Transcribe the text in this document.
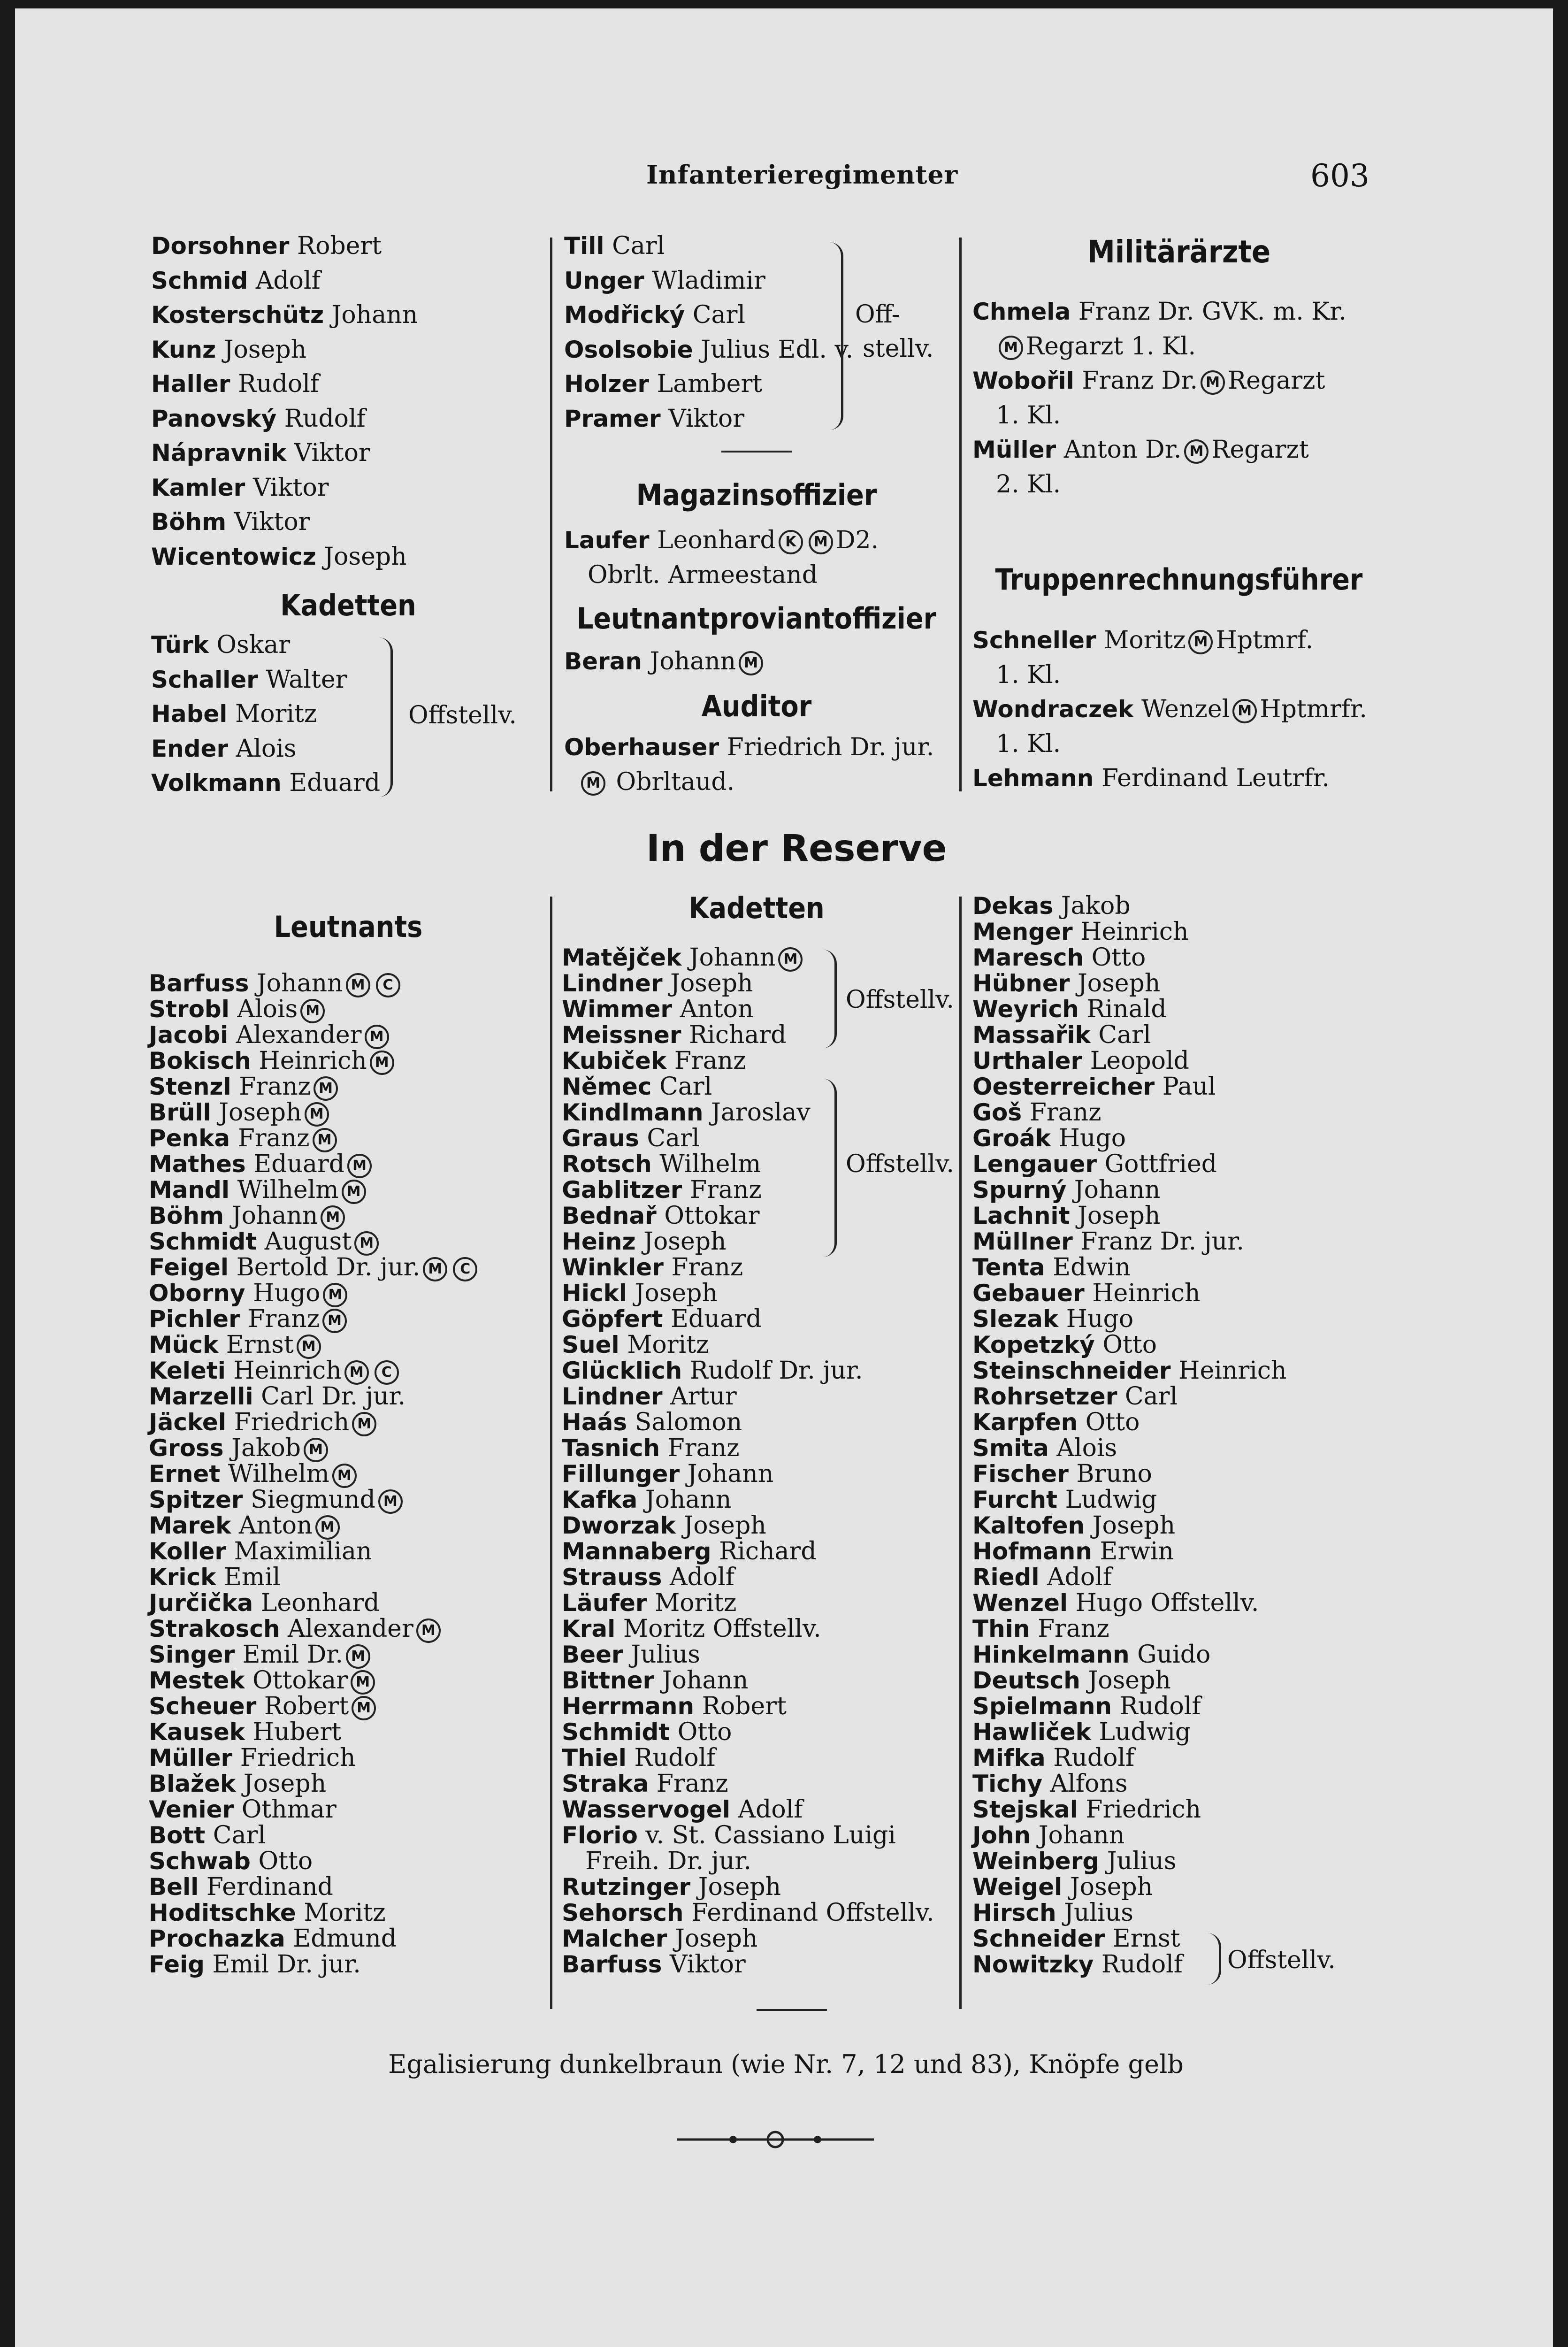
Infanterieregimenter	603
Dorsohner Robert
Schmid Adolf
Kosterschütz Johann
Kunz Joseph
Haller Rudolf
Panovský Rudolf
Nápravnik Viktor
Kamler Viktor
Böhm Viktor
Wicentowicz Joseph
Kadetten
Türk Oskar
Schaller Walter
Habel Moritz
Ender Alois
Volkmann Eduard
Offstellv.
Till Carl
Unger Wladimir
Modřický Carl
Osolsobie Julius Edl. v.
Holzer Lambert
Pramer Viktor
Off-
stellv.
Magazinsoffizier
Laufer Leonhard K M D2.
Obrlt. Armeestand
Leutnantproviantoffizier
Beran Johann M
Auditor
Oberhauser Friedrich Dr. jur.
M Obrltaud.
Militärärzte
Chmela Franz Dr. GVK. m. Kr.
M Regarzt 1. Kl.
Wobořil Franz Dr. M Regarzt
1. Kl.
Müller Anton Dr. M Regarzt
2. Kl.
Truppenrechnungsführer
Schneller Moritz M Hptmrf.
1. Kl.
Wondraczek Wenzel M Hptmrfr.
1. Kl.
Lehmann Ferdinand Leutrfr.
In der Reserve
Leutnants
Barfuss Johann M C
Strobl Alois M
Jacobi Alexander M
Bokisch Heinrich M
Stenzl Franz M
Brüll Joseph M
Penka Franz M
Mathes Eduard M
Mandl Wilhelm M
Böhm Johann M
Schmidt August M
Feigel Bertold Dr. jur. M C
Oborny Hugo M
Pichler Franz M
Mück Ernst M
Keleti Heinrich M C
Marzelli Carl Dr. jur.
Jäckel Friedrich M
Gross Jakob M
Ernet Wilhelm M
Spitzer Siegmund M
Marek Anton M
Koller Maximilian
Krick Emil
Jurčička Leonhard
Strakosch Alexander M
Singer Emil Dr. M
Mestek Ottokar M
Scheuer Robert M
Kausek Hubert
Müller Friedrich
Blažek Joseph
Venier Othmar
Bott Carl
Schwab Otto
Bell Ferdinand
Hoditschke Moritz
Prochazka Edmund
Feig Emil Dr. jur.
Kadetten
Matějček Johann M
Lindner Joseph
Wimmer Anton
Meissner Richard
Kubiček Franz
Němec Carl
Kindlmann Jaroslav
Graus Carl
Rotsch Wilhelm
Gablitzer Franz
Bednař Ottokar
Heinz Joseph
Winkler Franz
Hickl Joseph
Göpfert Eduard
Suel Moritz
Glücklich Rudolf Dr. jur.
Lindner Artur
Haás Salomon
Tasnich Franz
Fillunger Johann
Kafka Johann
Dworzak Joseph
Mannaberg Richard
Strauss Adolf
Läufer Moritz
Kral Moritz Offstellv.
Beer Julius
Bittner Johann
Herrmann Robert
Schmidt Otto
Thiel Rudolf
Straka Franz
Wasservogel Adolf
Florio v. St. Cassiano Luigi
Freih. Dr. jur.
Rutzinger Joseph
Sehorsch Ferdinand Offstellv.
Malcher Joseph
Barfuss Viktor
Offstellv.
Offstellv.
Dekas Jakob
Menger Heinrich
Maresch Otto
Hübner Joseph
Weyrich Rinald
Massařik Carl
Urthaler Leopold
Oesterreicher Paul
Goš Franz
Groák Hugo
Lengauer Gottfried
Spurný Johann
Lachnit Joseph
Müllner Franz Dr. jur.
Tenta Edwin
Gebauer Heinrich
Slezak Hugo
Kopetzký Otto
Steinschneider Heinrich
Rohrsetzer Carl
Karpfen Otto
Smita Alois
Fischer Bruno
Furcht Ludwig
Kaltofen Joseph
Hofmann Erwin
Riedl Adolf
Wenzel Hugo Offstellv.
Thin Franz
Hinkelmann Guido
Deutsch Joseph
Spielmann Rudolf
Hawliček Ludwig
Mifka Rudolf
Tichy Alfons
Stejskal Friedrich
John Johann
Weinberg Julius
Weigel Joseph
Hirsch Julius
Schneider Ernst
Nowitzky Rudolf	Offstellv.
Egalisierung dunkelbraun (wie Nr. 7, 12 und 83), Knöpfe gelb
